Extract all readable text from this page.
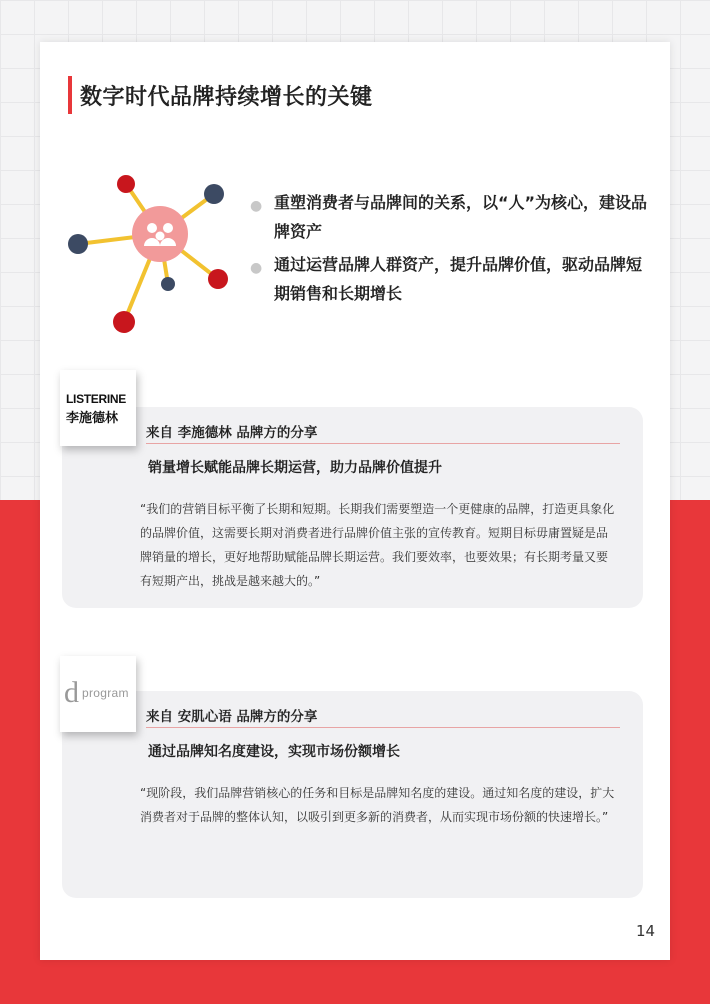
数字时代品牌持续增长的关键
● 重塑消费者与品牌间的关系，以“人”为核心，建设品牌资产
● 通过运营品牌人群资产，提升品牌价值，驱动品牌短期销售和长期增长
来自 李施德林 品牌方的分享
销量增长赋能品牌长期运营，助力品牌价值提升
“我们的营销目标平衡了长期和短期。长期我们需要塑造一个更健康的品牌，打造更具象化的品牌价值，这需要长期对消费者进行品牌价值主张的宣传教育。短期目标毋庸置疑是品牌销量的增长，更好地帮助赋能品牌长期运营。我们要效率，也要效果；有长期考量又要有短期产出，挑战是越来越大的。”
LISTERINE
李施德林
来自 安肌心语 品牌方的分享
通过品牌知名度建设，实现市场份额增长
“现阶段，我们品牌营销核心的任务和目标是品牌知名度的建设。通过知名度的建设，扩大消费者对于品牌的整体认知，以吸引到更多新的消费者，从而实现市场份额的快速增长。”
d program
14
